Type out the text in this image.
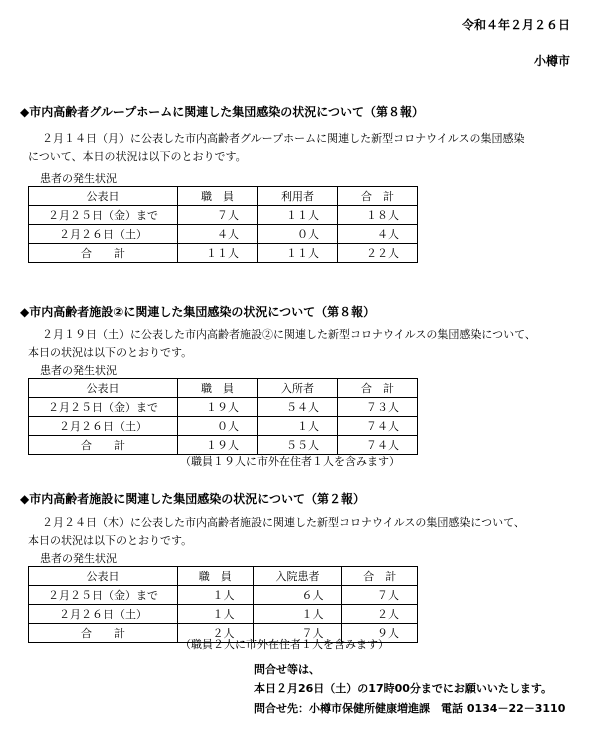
令和４年２月２６日
小樽市
◆市内高齢者グループホームに関連した集団感染の状況について（第８報）
２月１４日（月）に公表した市内高齢者グループホームに関連した新型コロナウイルスの集団感染
について、本日の状況は以下のとおりです。
患者の発生状況
公表日	職　員	利用者	合　計
２月２５日（金）まで	７人	１１人	１８人
２月２６日（土）	４人	０人	４人
合　　計	１１人	１１人	２２人
◆市内高齢者施設②に関連した集団感染の状況について（第８報）
２月１９日（土）に公表した市内高齢者施設②に関連した新型コロナウイルスの集団感染について、
本日の状況は以下のとおりです。
患者の発生状況
公表日	職　員	入所者	合　計
２月２５日（金）まで	１９人	５４人	７３人
２月２６日（土）	０人	１人	７４人
合　　計	１９人	５５人	７４人
（職員１９人に市外在住者１人を含みます）
◆市内高齢者施設に関連した集団感染の状況について（第２報）
２月２４日（木）に公表した市内高齢者施設に関連した新型コロナウイルスの集団感染について、
本日の状況は以下のとおりです。
患者の発生状況
公表日	職　員	入院患者	合　計
２月２５日（金）まで	１人	６人	７人
２月２６日（土）	１人	１人	２人
合　　計	２人	７人	９人
（職員２人に市外在住者１人を含みます）
問合せ等は、
本日２月26日（土）の17時00分までにお願いいたします。
問合せ先：小樽市保健所健康増進課　電話 0134－22－3110
